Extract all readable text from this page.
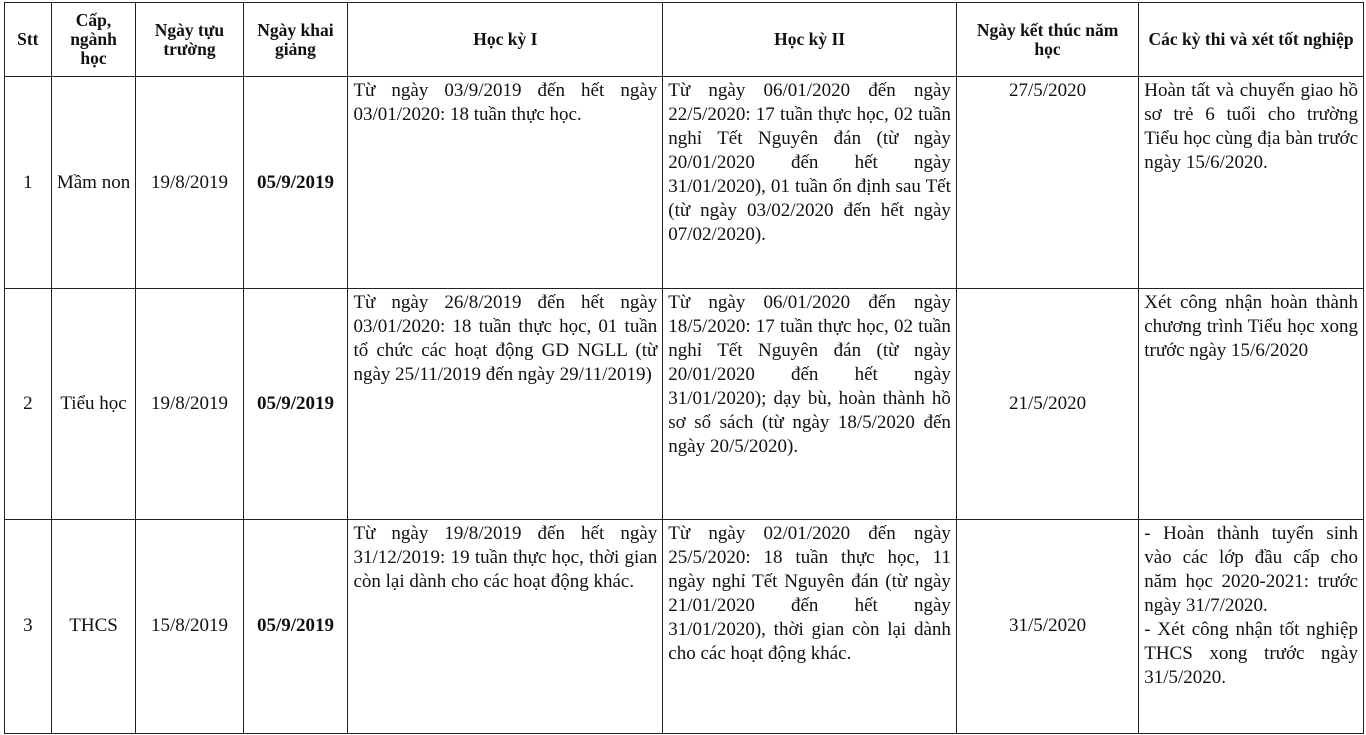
Stt	Cấp, ngành học	Ngày tựu trường	Ngày khai giảng	Học kỳ I	Học kỳ II	Ngày kết thúc năm học	Các kỳ thi và xét tốt nghiệp
1	Mầm non	19/8/2019	05/9/2019	Từ ngày 03/9/2019 đến hết ngày 03/01/2020: 18 tuần thực học.	Từ ngày 06/01/2020 đến ngày 22/5/2020: 17 tuần thực học, 02 tuần nghỉ Tết Nguyên đán (từ ngày 20/01/2020 đến hết ngày 31/01/2020), 01 tuần ổn định sau Tết (từ ngày 03/02/2020 đến hết ngày 07/02/2020).	27/5/2020	Hoàn tất và chuyển giao hồ sơ trẻ 6 tuổi cho trường Tiểu học cùng địa bàn trước ngày 15/6/2020.

2	Tiểu học	19/8/2019	05/9/2019	Từ ngày 26/8/2019 đến hết ngày 03/01/2020: 18 tuần thực học, 01 tuần tổ chức các hoạt động GD NGLL (từ ngày 25/11/2019 đến ngày 29/11/2019)	Từ ngày 06/01/2020 đến ngày 18/5/2020: 17 tuần thực học, 02 tuần nghỉ Tết Nguyên đán (từ ngày 20/01/2020 đến hết ngày 31/01/2020); dạy bù, hoàn thành hồ sơ sổ sách (từ ngày 18/5/2020 đến ngày 20/5/2020).	21/5/2020	Xét công nhận hoàn thành chương trình Tiểu học xong trước ngày 15/6/2020

3	THCS	15/8/2019	05/9/2019	Từ ngày 19/8/2019 đến hết ngày 31/12/2019: 19 tuần thực học, thời gian còn lại dành cho các hoạt động khác.	Từ ngày 02/01/2020 đến ngày 25/5/2020: 18 tuần thực học, 11 ngày nghỉ Tết Nguyên đán (từ ngày 21/01/2020 đến hết ngày 31/01/2020), thời gian còn lại dành cho các hoạt động khác.	31/5/2020	- Hoàn thành tuyển sinh vào các lớp đầu cấp cho năm học 2020-2021: trước ngày 31/7/2020.
- Xét công nhận tốt nghiệp THCS xong trước ngày 31/5/2020.
